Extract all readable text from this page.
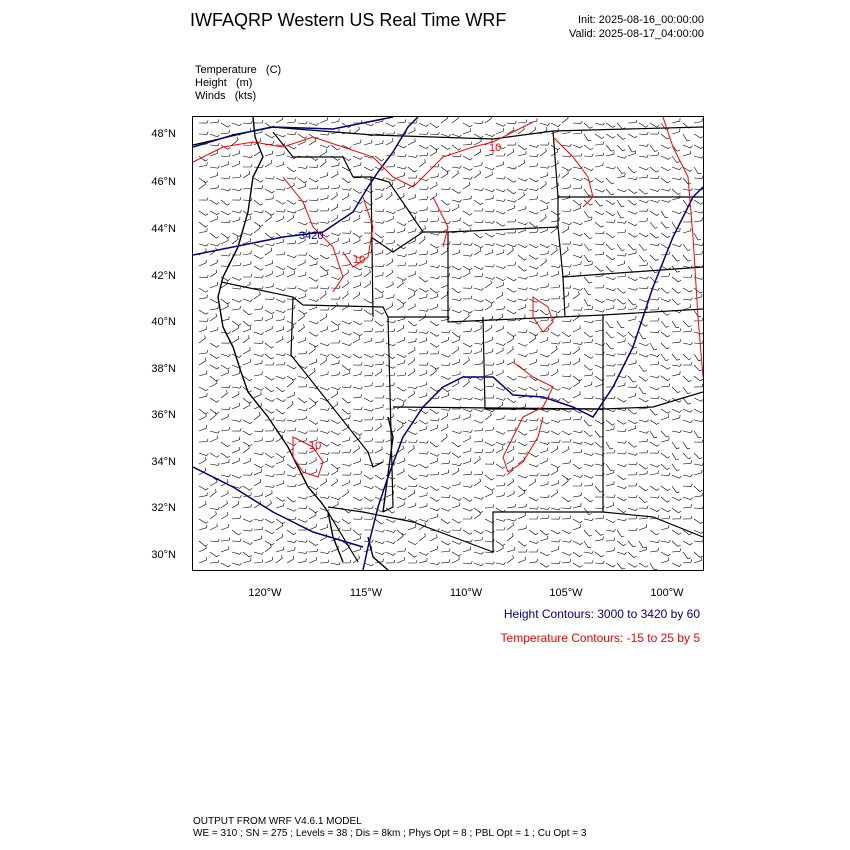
IWFAQRP Western US Real Time WRF	Init: 2025-08-16_00:00:00
Valid: 2025-08-17_04:00:00
Temperature   (C)
Height   (m)
Winds   (kts)
48°N
46°N
44°N
42°N
40°N
38°N
36°N
34°N
32°N
30°N
120°W	115°W	110°W	105°W	100°W
3420
10
10
10
Height Contours: 3000 to 3420 by 60
Temperature Contours: -15 to 25 by 5
OUTPUT FROM WRF V4.6.1 MODEL
WE = 310 ; SN = 275 ; Levels = 38 ; Dis = 8km ; Phys Opt = 8 ; PBL Opt = 1 ; Cu Opt = 3
